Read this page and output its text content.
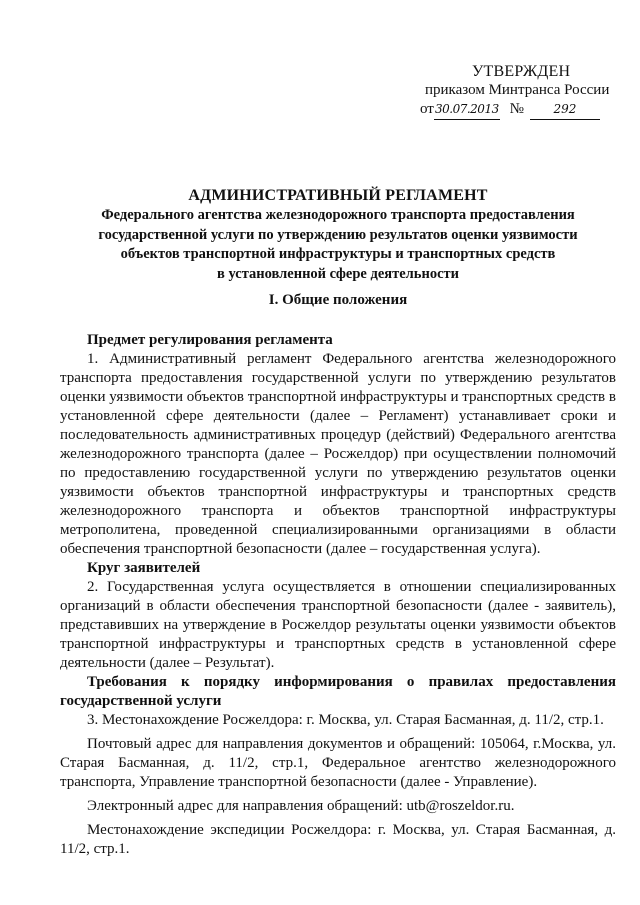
УТВЕРЖДЕН
приказом Минтранса России
от30.07.2013 № 292
АДМИНИСТРАТИВНЫЙ РЕГЛАМЕНТ
Федерального агентства железнодорожного транспорта предоставления
государственной услуги по утверждению результатов оценки уязвимости
объектов транспортной инфраструктуры и транспортных средств
в установленной сфере деятельности
I. Общие положения
Предмет регулирования регламента

1. Административный регламент Федерального агентства железнодорожного транспорта предоставления государственной услуги по утверждению результатов оценки уязвимости объектов транспортной инфраструктуры и транспортных средств в установленной сфере деятельности (далее – Регламент) устанавливает сроки и последовательность административных процедур (действий) Федерального агентства железнодорожного транспорта (далее – Росжелдор) при осуществлении полномочий по предоставлению государственной услуги по утверждению результатов оценки уязвимости объектов транспортной инфраструктуры и транспортных средств железнодорожного транспорта и объектов транспортной инфраструктуры метрополитена, проведенной специализированными организациями в области обеспечения транспортной безопасности (далее – государственная услуга).

Круг заявителей

2. Государственная услуга осуществляется в отношении специализированных организаций в области обеспечения транспортной безопасности (далее - заявитель), представивших на утверждение в Росжелдор результаты оценки уязвимости объектов транспортной инфраструктуры и транспортных средств в установленной сфере деятельности (далее – Результат).

Требования к порядку информирования о правилах предоставления государственной услуги

3. Местонахождение Росжелдора: г. Москва, ул. Старая Басманная, д. 11/2, стр.1.

Почтовый адрес для направления документов и обращений: 105064, г.Москва, ул. Старая Басманная, д. 11/2, стр.1, Федеральное агентство железнодорожного транспорта, Управление транспортной безопасности (далее - Управление).

Электронный адрес для направления обращений: utb@roszeldor.ru.

Местонахождение экспедиции Росжелдора: г. Москва, ул. Старая Басманная, д. 11/2, стр.1.
